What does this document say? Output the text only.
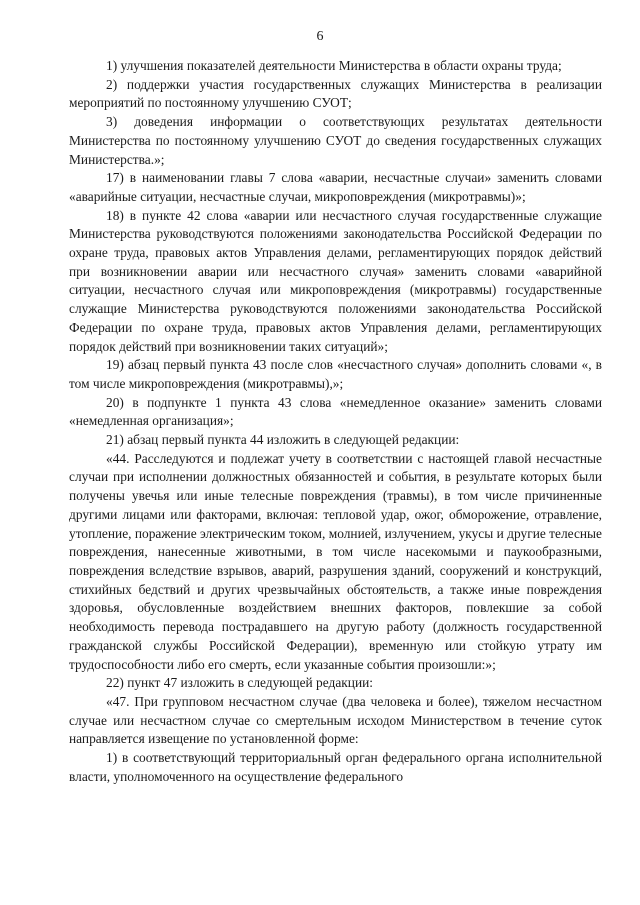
6

1) улучшения показателей деятельности Министерства в области охраны труда;

2) поддержки участия государственных служащих Министерства в реализации мероприятий по постоянному улучшению СУОТ;

3) доведения информации о соответствующих результатах деятельности Министерства по постоянному улучшению СУОТ до сведения государственных служащих Министерства.»;

17) в наименовании главы 7 слова «аварии, несчастные случаи» заменить словами «аварийные ситуации, несчастные случаи, микроповреждения (микротравмы)»;

18) в пункте 42 слова «аварии или несчастного случая государственные служащие Министерства руководствуются положениями законодательства Российской Федерации по охране труда, правовых актов Управления делами, регламентирующих порядок действий при возникновении аварии или несчастного случая» заменить словами «аварийной ситуации, несчастного случая или микроповреждения (микротравмы) государственные служащие Министерства руководствуются положениями законодательства Российской Федерации по охране труда, правовых актов Управления делами, регламентирующих порядок действий при возникновении таких ситуаций»;

19) абзац первый пункта 43 после слов «несчастного случая» дополнить словами «, в том числе микроповреждения (микротравмы),»;

20) в подпункте 1 пункта 43 слова «немедленное оказание» заменить словами «немедленная организация»;

21) абзац первый пункта 44 изложить в следующей редакции:

«44. Расследуются и подлежат учету в соответствии с настоящей главой несчастные случаи при исполнении должностных обязанностей и события, в результате которых были получены увечья или иные телесные повреждения (травмы), в том числе причиненные другими лицами или факторами, включая: тепловой удар, ожог, обморожение, отравление, утопление, поражение электрическим током, молнией, излучением, укусы и другие телесные повреждения, нанесенные животными, в том числе насекомыми и паукообразными, повреждения вследствие взрывов, аварий, разрушения зданий, сооружений и конструкций, стихийных бедствий и других чрезвычайных обстоятельств, а также иные повреждения здоровья, обусловленные воздействием внешних факторов, повлекшие за собой необходимость перевода пострадавшего на другую работу (должность государственной гражданской службы Российской Федерации), временную или стойкую утрату им трудоспособности либо его смерть, если указанные события произошли:»;

22) пункт 47 изложить в следующей редакции:

«47. При групповом несчастном случае (два человека и более), тяжелом несчастном случае или несчастном случае со смертельным исходом Министерством в течение суток направляется извещение по установленной форме:

1) в соответствующий территориальный орган федерального органа исполнительной власти, уполномоченного на осуществление федерального
